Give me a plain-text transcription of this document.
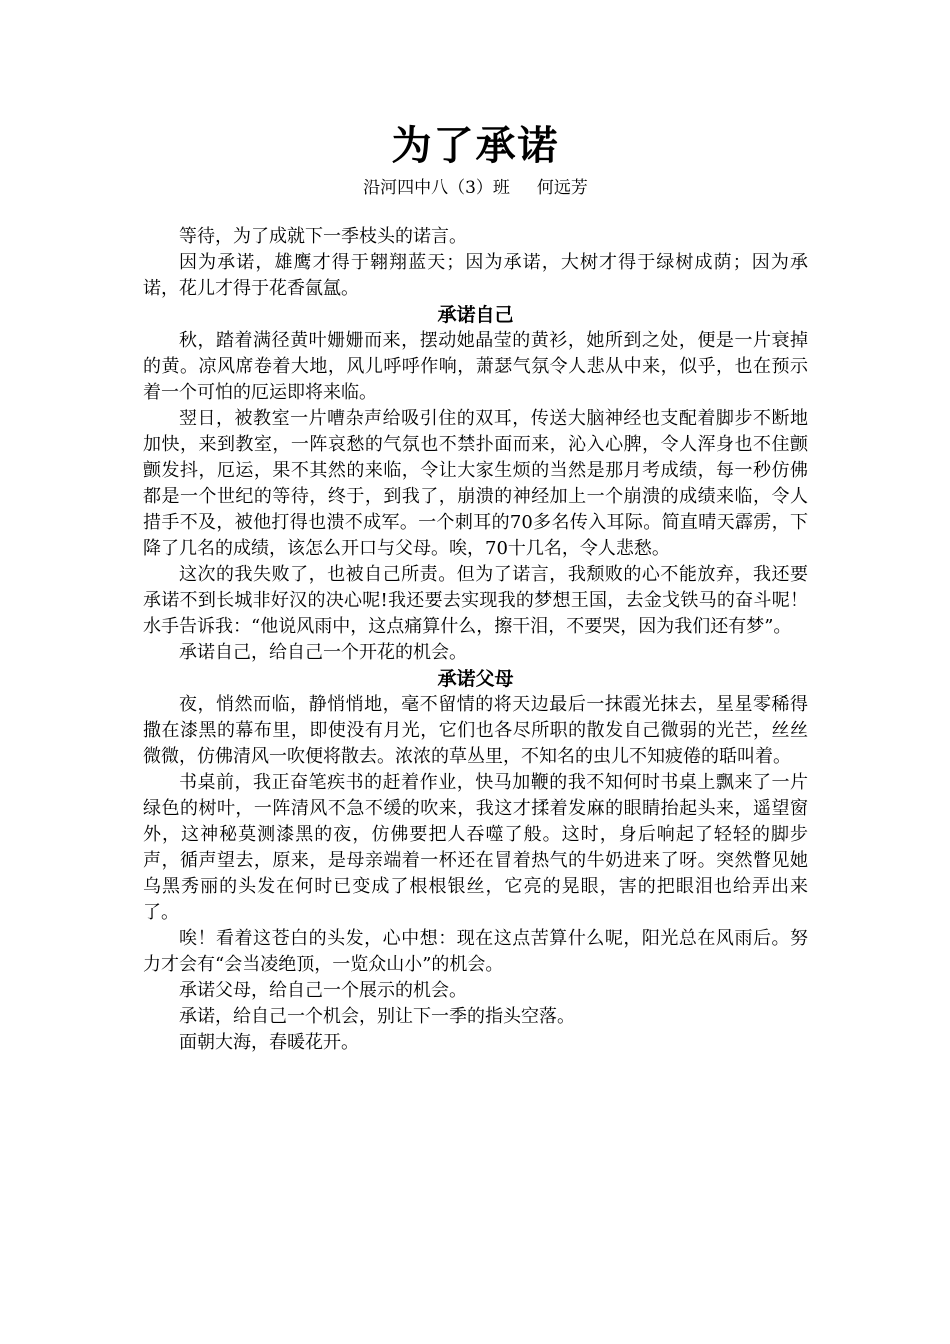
为了承诺

沿河四中八（3）班     何远芳

等待，为了成就下一季枝头的诺言。

因为承诺，雄鹰才得于翱翔蓝天；因为承诺，大树才得于绿树成荫；因为承诺，花儿才得于花香氤氲。

承诺自己

秋，踏着满径黄叶姗姗而来，摆动她晶莹的黄衫，她所到之处，便是一片衰掉的黄。凉风席卷着大地，风儿呼呼作响，萧瑟气氛令人悲从中来，似乎，也在预示着一个可怕的厄运即将来临。

翌日，被教室一片嘈杂声给吸引住的双耳，传送大脑神经也支配着脚步不断地加快，来到教室，一阵哀愁的气氛也不禁扑面而来，沁入心脾，令人浑身也不住颤颤发抖，厄运，果不其然的来临，令让大家生烦的当然是那月考成绩，每一秒仿佛都是一个世纪的等待，终于，到我了，崩溃的神经加上一个崩溃的成绩来临，令人措手不及，被他打得也溃不成军。一个刺耳的70多名传入耳际。简直晴天霹雳，下降了几名的成绩，该怎么开口与父母。唉，70十几名，令人悲愁。

这次的我失败了，也被自己所责。但为了诺言，我颓败的心不能放弃，我还要承诺不到长城非好汉的决心呢!我还要去实现我的梦想王国，去金戈铁马的奋斗呢！水手告诉我：“他说风雨中，这点痛算什么，擦干泪，不要哭，因为我们还有梦”。

承诺自己，给自己一个开花的机会。

承诺父母

夜，悄然而临，静悄悄地，毫不留情的将天边最后一抹霞光抹去，星星零稀得撒在漆黑的幕布里，即使没有月光，它们也各尽所职的散发自己微弱的光芒，丝丝微微，仿佛清风一吹便将散去。浓浓的草丛里，不知名的虫儿不知疲倦的聒叫着。

书桌前，我正奋笔疾书的赶着作业，快马加鞭的我不知何时书桌上飘来了一片绿色的树叶，一阵清风不急不缓的吹来，我这才揉着发麻的眼睛抬起头来，遥望窗外，这神秘莫测漆黑的夜，仿佛要把人吞噬了般。这时，身后响起了轻轻的脚步声，循声望去，原来，是母亲端着一杯还在冒着热气的牛奶进来了呀。突然瞥见她乌黑秀丽的头发在何时已变成了根根银丝，它亮的晃眼，害的把眼泪也给弄出来了。

唉！看着这苍白的头发，心中想：现在这点苦算什么呢，阳光总在风雨后。努力才会有“会当凌绝顶，一览众山小”的机会。

承诺父母，给自己一个展示的机会。

承诺，给自己一个机会，别让下一季的指头空落。

面朝大海，春暖花开。
